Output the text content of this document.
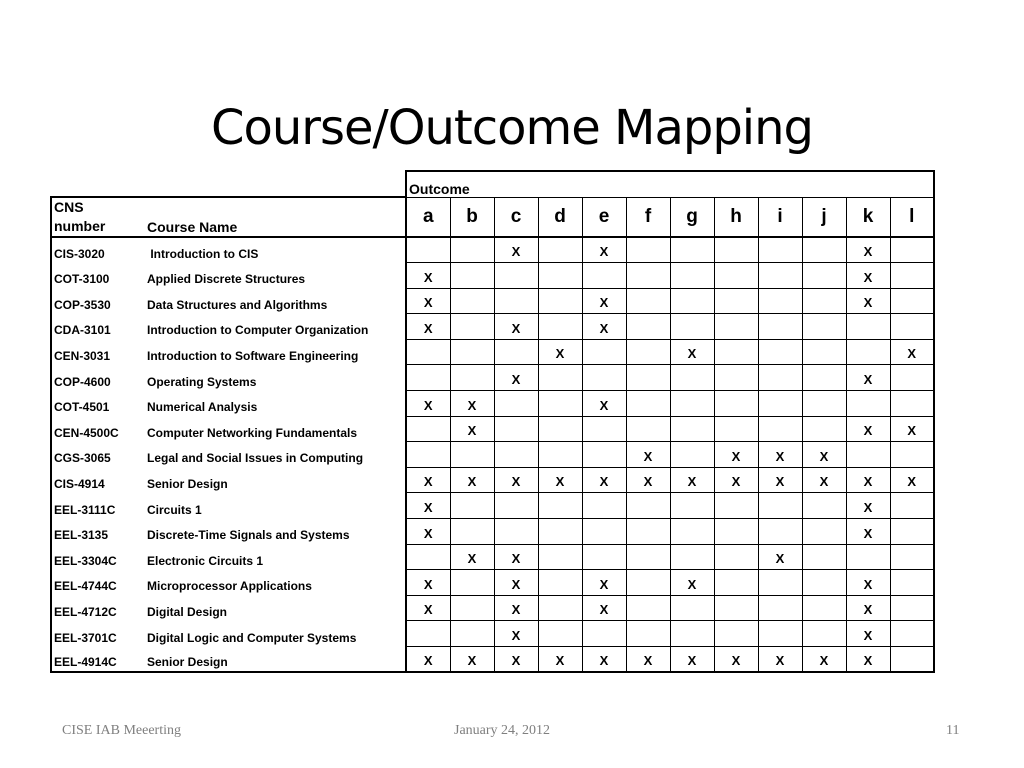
Course/Outcome Mapping
		Outcome											

CNS
number	Course Name	a	b	c	d	e	f	g	h	i	j	k	l
CIS-3020	Introduction to CIS			X		X						X	
COT-3100	Applied Discrete Structures	X										X	
COP-3530	Data Structures and Algorithms	X				X						X	
CDA-3101	Introduction to Computer Organization	X		X		X							
CEN-3031	Introduction to Software Engineering				X			X					X
COP-4600	Operating Systems			X								X	
COT-4501	Numerical Analysis	X	X			X							
CEN-4500C	Computer Networking Fundamentals		X									X	X
CGS-3065	Legal and Social Issues in Computing						X		X	X	X		
CIS-4914	Senior Design	X	X	X	X	X	X	X	X	X	X	X	X
EEL-3111C	Circuits 1	X										X	
EEL-3135	Discrete-Time Signals and Systems	X										X	
EEL-3304C	Electronic Circuits 1		X	X						X			
EEL-4744C	Microprocessor Applications	X		X		X		X				X	
EEL-4712C	Digital Design	X		X		X						X	
EEL-3701C	Digital Logic and Computer Systems			X								X	
EEL-4914C	Senior Design	X	X	X	X	X	X	X	X	X	X	X	
CISE IAB Meeerting	January 24, 2012	11
